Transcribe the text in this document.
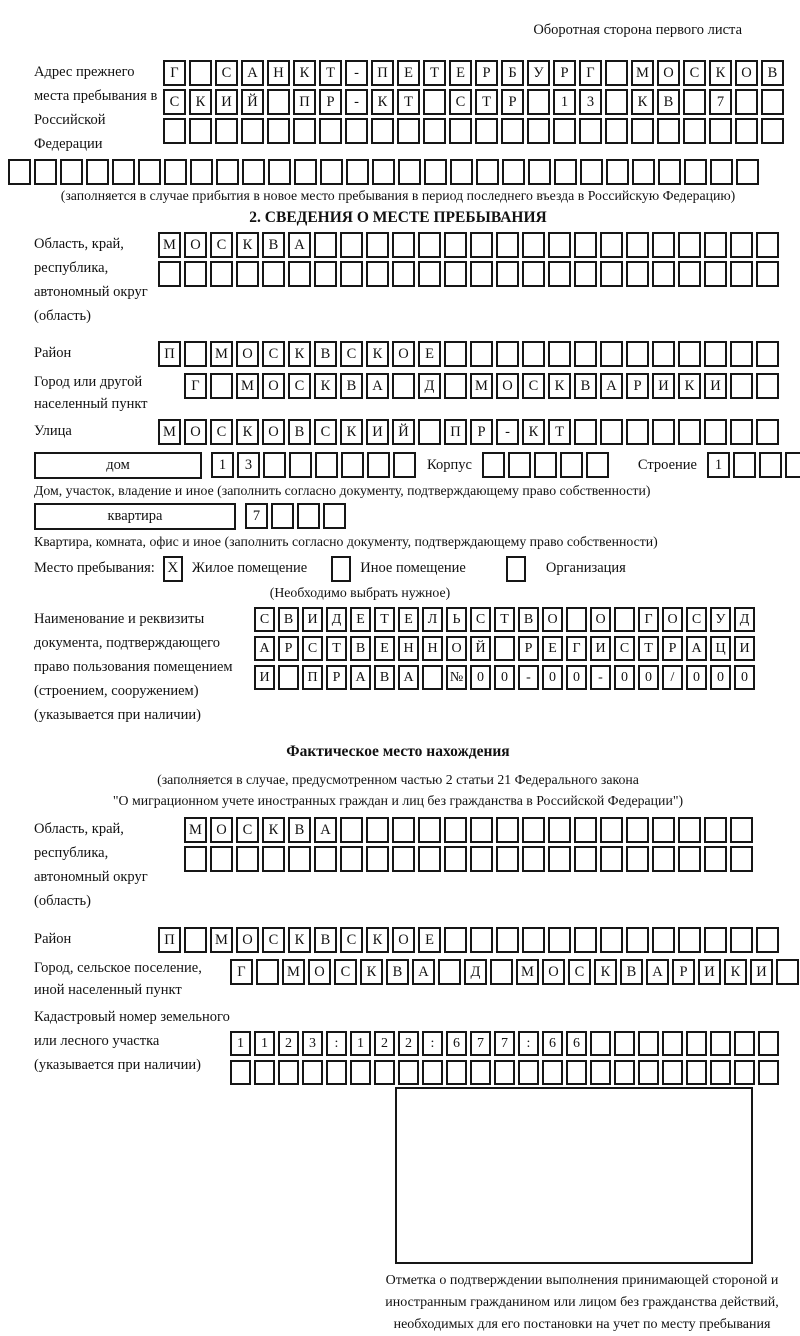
Оборотная сторона первого листа
Адрес прежнего места пребывания в Российской Федерации
Г	С	А	Н	К	Т	-	П	Е	Т	Е	Р	Б	У	Р	Г	М О	С	К	О	В
С	К	И	Й	П	Р	-	К	Т	С	Т	Р	1	3	К	В	7
(заполняется в случае прибытия в новое место пребывания в период последнего въезда в Российскую Федерацию)
2. СВЕДЕНИЯ О МЕСТЕ ПРЕБЫВАНИЯ
Область, край, республика, автономный округ (область)
М О	С	К	В	А
Район	П	М О	С	К	В	С	К	О	Е
Город или другой населенный пункт
Г	М О	С	К	В	А	Д	М О	С	К	В	А	Р	И	К	И
Улица	М О	С	К	О	В	С	К	И	Й	П	Р	-	К	Т
дом	1	3	Корпус	Строение	1
Дом, участок, владение и иное (заполнить согласно документу, подтверждающему право собственности)
квартира	7
Квартира, комната, офис и иное (заполнить согласно документу, подтверждающему право собственности)
Место пребывания: X Жилое помещение	Иное помещение	Организация
(Необходимо выбрать нужное)
Наименование и реквизиты документа, подтверждающего право пользования помещением (строением, сооружением) (указывается при наличии)
С	В	И	Д	Е	Т	Е	Л	Ь	С	Т	В	О	О	Г	О	С	У	Д
А	Р	С	Т	В	Е	Н Н О Й	Р	Е	Г	И	С	Т	Р	А Ц И
И	П	Р	А	В	А	№ 0	0	-	0	0	-	0	0	/	0	0	0
Фактическое место нахождения
(заполняется в случае, предусмотренном частью 2 статьи 21 Федерального закона
"О миграционном учете иностранных граждан и лиц без гражданства в Российской Федерации")
Область, край, республика, автономный округ (область)
М О	С	К	В	А
Район	П	М О	С	К	В	С	К	О	Е
Город, сельское поселение, иной населенный пункт
Г	М О	С	К	В	А	Д	М О	С	К	В	А	Р	И	К	И
Кадастровый номер земельного или лесного участка (указывается при наличии)
1	1	2	3	:	1	2	2	:	6	7	7	:	6	6
Отметка о подтверждении выполнения принимающей стороной и иностранным гражданином или лицом без гражданства действий, необходимых для его постановки на учет по месту пребывания
